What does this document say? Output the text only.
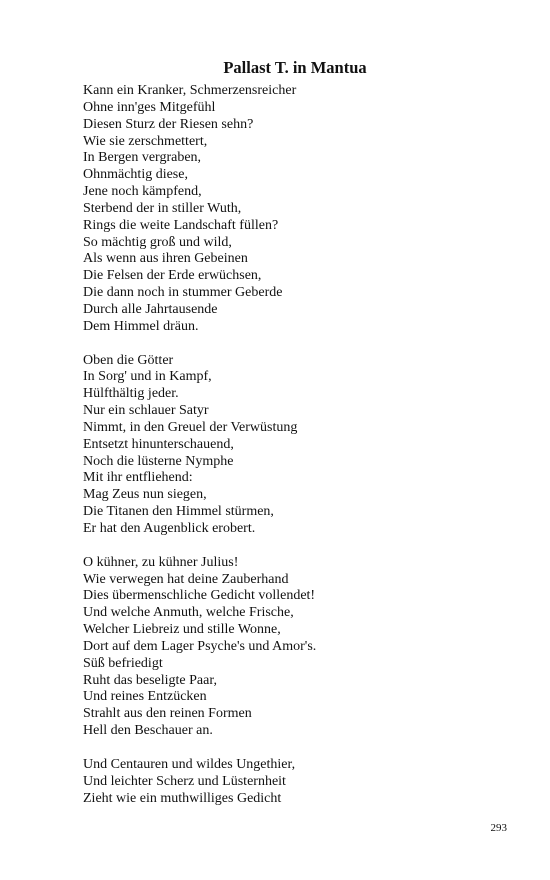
Pallast T. in Mantua
Kann ein Kranker, Schmerzensreicher
Ohne inn'ges Mitgefühl
Diesen Sturz der Riesen sehn?
Wie sie zerschmettert,
In Bergen vergraben,
Ohnmächtig diese,
Jene noch kämpfend,
Sterbend der in stiller Wuth,
Rings die weite Landschaft füllen?
So mächtig groß und wild,
Als wenn aus ihren Gebeinen
Die Felsen der Erde erwüchsen,
Die dann noch in stummer Geberde
Durch alle Jahrtausende
Dem Himmel dräun.
Oben die Götter
In Sorg' und in Kampf,
Hülfthältig jeder.
Nur ein schlauer Satyr
Nimmt, in den Greuel der Verwüstung
Entsetzt hinunterschauend,
Noch die lüsterne Nymphe
Mit ihr entfliehend:
Mag Zeus nun siegen,
Die Titanen den Himmel stürmen,
Er hat den Augenblick erobert.
O kühner, zu kühner Julius!
Wie verwegen hat deine Zauberhand
Dies übermenschliche Gedicht vollendet!
Und welche Anmuth, welche Frische,
Welcher Liebreiz und stille Wonne,
Dort auf dem Lager Psyche's und Amor's.
Süß befriedigt
Ruht das beseligte Paar,
Und reines Entzücken
Strahlt aus den reinen Formen
Hell den Beschauer an.
Und Centauren und wildes Ungethier,
Und leichter Scherz und Lüsternheit
Zieht wie ein muthwilliges Gedicht
293
